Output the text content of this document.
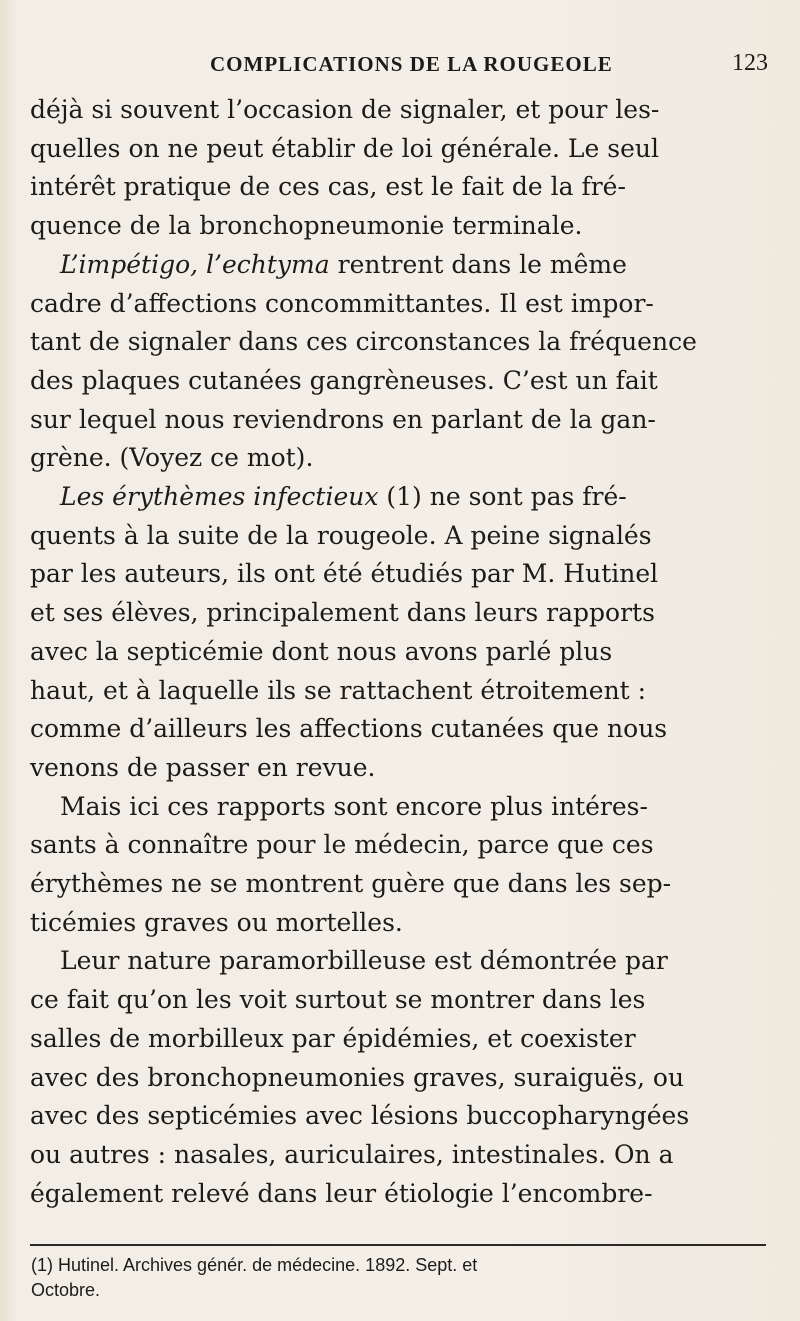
COMPLICATIONS DE LA ROUGEOLE	123
déjà si souvent l’occasion de signaler, et pour les-
quelles on ne peut établir de loi générale. Le seul
intérêt pratique de ces cas, est le fait de la fré-
quence de la bronchopneumonie terminale.
L’impétigo, l’echtyma rentrent dans le même
cadre d’affections concommittantes. Il est impor-
tant de signaler dans ces circonstances la fréquence
des plaques cutanées gangrèneuses. C’est un fait
sur lequel nous reviendrons en parlant de la gan-
grène. (Voyez ce mot).
Les érythèmes infectieux (1) ne sont pas fré-
quents à la suite de la rougeole. A peine signalés
par les auteurs, ils ont été étudiés par M. Hutinel
et ses élèves, principalement dans leurs rapports
avec la septicémie dont nous avons parlé plus
haut, et à laquelle ils se rattachent étroitement :
comme d’ailleurs les affections cutanées que nous
venons de passer en revue.
Mais ici ces rapports sont encore plus intéres-
sants à connaître pour le médecin, parce que ces
érythèmes ne se montrent guère que dans les sep-
ticémies graves ou mortelles.
Leur nature paramorbilleuse est démontrée par
ce fait qu’on les voit surtout se montrer dans les
salles de morbilleux par épidémies, et coexister
avec des bronchopneumonies graves, suraiguës, ou
avec des septicémies avec lésions buccopharyngées
ou autres : nasales, auriculaires, intestinales. On a
également relevé dans leur étiologie l’encombre-
(1) Hutinel. Archives génér. de médecine. 1892. Sept. et
Octobre.
